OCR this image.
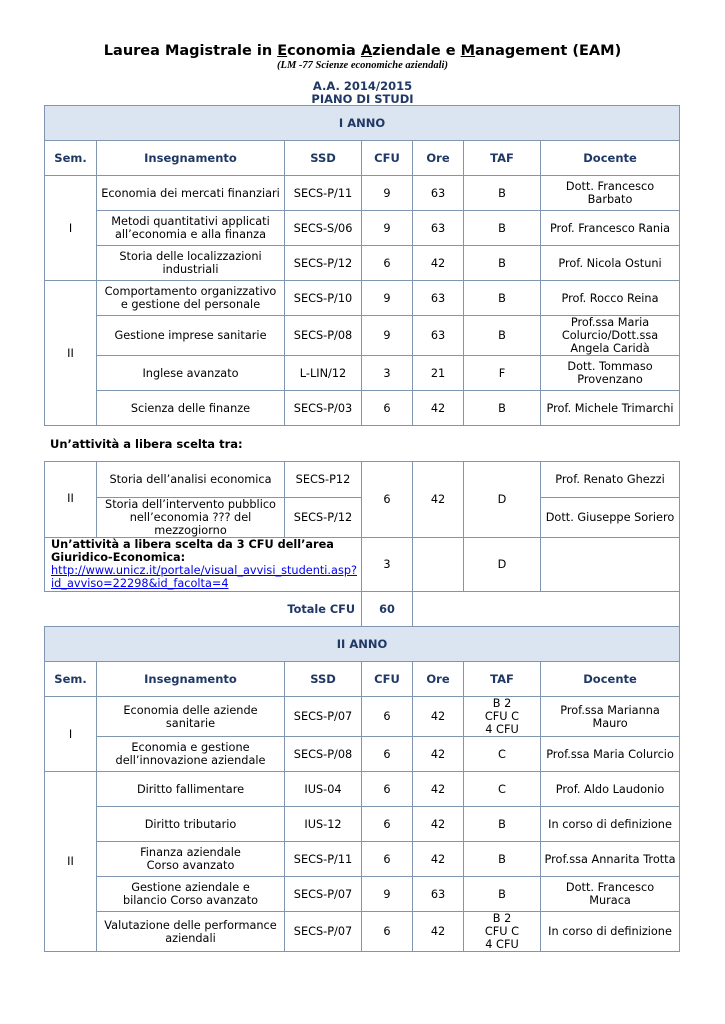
Laurea Magistrale in Economia Aziendale e Management (EAM)
(LM -77 Scienze economiche aziendali)
A.A. 2014/2015
PIANO DI STUDI
I ANNO						
Sem.	Insegnamento	SSD	CFU	Ore	TAF	Docente
I	Economia dei mercati finanziari	SECS-P/11	9	63	B	Dott. Francesco Barbato
	Metodi quantitativi applicati all’economia e alla finanza	SECS-S/06	9	63	B	Prof. Francesco Rania
	Storia delle localizzazioni industriali	SECS-P/12	6	42	B	Prof. Nicola Ostuni
II	Comportamento organizzativo e gestione del personale	SECS-P/10	9	63	B	Prof. Rocco Reina
	Gestione imprese sanitarie	SECS-P/08	9	63	B	Prof.ssa Maria Colurcio/Dott.ssa Angela Caridà
	Inglese avanzato	L-LIN/12	3	21	F	Dott. Tommaso Provenzano
	Scienza delle finanze	SECS-P/03	6	42	B	Prof. Michele Trimarchi
Un’attività a libera scelta tra:
II	Storia dell’analisi economica	SECS-P12	6	42	D	Prof. Renato Ghezzi
	Storia dell’intervento pubblico nell’economia ??? del mezzogiorno	SECS-P/12				Dott. Giuseppe Soriero

Un’attività a libera scelta da 3 CFU dell’area Giuridico-Economica:
http://www.unicz.it/portale/visual_avvisi_studenti.asp?id_avviso=22298&id_facolta=4			3		D	
Totale CFU			60			
II ANNO						
Sem.	Insegnamento	SSD	CFU	Ore	TAF	Docente
I	Economia delle aziende sanitarie	SECS-P/07	6	42	B 2 CFU C 4 CFU	Prof.ssa Marianna Mauro
	Economia e gestione dell’innovazione aziendale	SECS-P/08	6	42	C	Prof.ssa Maria Colurcio
II	Diritto fallimentare	IUS-04	6	42	C	Prof. Aldo Laudonio
	Diritto tributario	IUS-12	6	42	B	In corso di definizione
	Finanza aziendale Corso avanzato	SECS-P/11	6	42	B	Prof.ssa Annarita Trotta
	Gestione aziendale e bilancio Corso avanzato	SECS-P/07	9	63	B	Dott. Francesco Muraca
	Valutazione delle performance aziendali	SECS-P/07	6	42	B 2 CFU C 4 CFU	In corso di definizione
